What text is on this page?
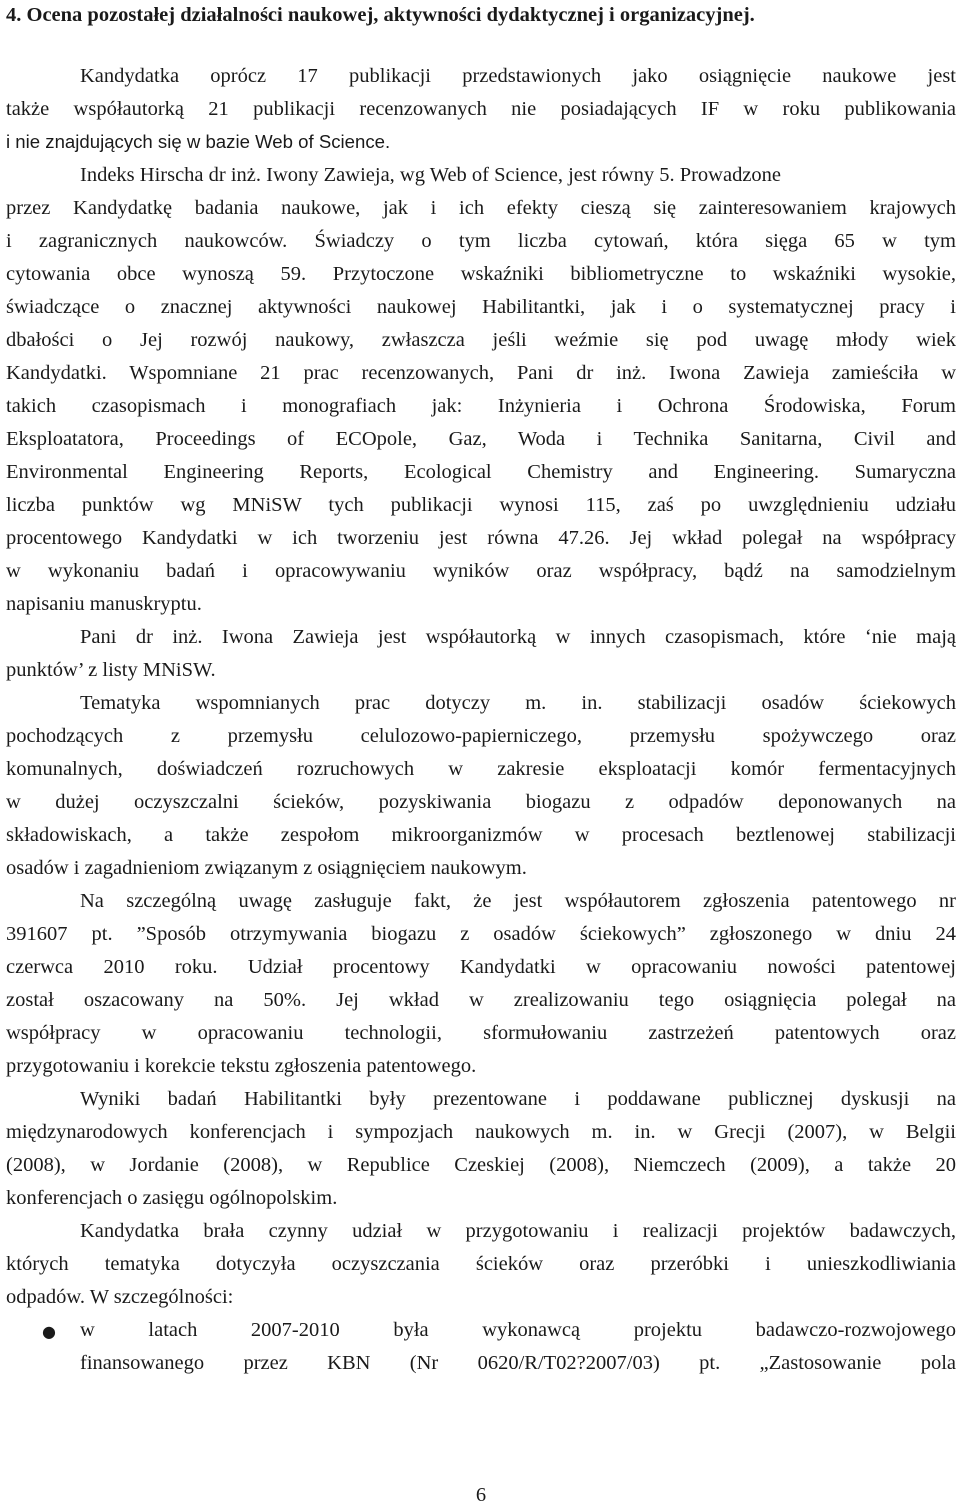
4. Ocena pozostałej działalności naukowej, aktywności dydaktycznej i organizacyjnej.
Kandydatka oprócz 17 publikacji przedstawionych jako osiągnięcie naukowe jest
także współautorką 21 publikacji recenzowanych nie posiadających IF w roku publikowania
i nie znajdujących się w bazie Web of Science.
Indeks Hirscha dr inż. Iwony Zawieja, wg Web of Science, jest równy 5. Prowadzone
przez Kandydatkę badania naukowe, jak i ich efekty cieszą się zainteresowaniem krajowych
i zagranicznych naukowców. Świadczy o tym liczba cytowań, która sięga 65 w tym
cytowania obce wynoszą 59. Przytoczone wskaźniki bibliometryczne to wskaźniki wysokie,
świadczące o znacznej aktywności naukowej Habilitantki, jak i o systematycznej pracy i
dbałości o Jej rozwój naukowy, zwłaszcza jeśli weźmie się pod uwagę młody wiek
Kandydatki. Wspomniane 21 prac recenzowanych, Pani dr inż. Iwona Zawieja zamieściła w
takich czasopismach i monografiach jak: Inżynieria i Ochrona Środowiska, Forum
Eksploatatora, Proceedings of ECOpole, Gaz, Woda i Technika Sanitarna, Civil and
Environmental Engineering Reports, Ecological Chemistry and Engineering. Sumaryczna
liczba punktów wg MNiSW tych publikacji wynosi 115, zaś po uwzględnieniu udziału
procentowego Kandydatki w ich tworzeniu jest równa 47.26. Jej wkład polegał na współpracy
w wykonaniu badań i opracowywaniu wyników oraz współpracy, bądź na samodzielnym
napisaniu manuskryptu.
Pani dr inż. Iwona Zawieja jest współautorką w innych czasopismach, które ‘nie mają
punktów’ z listy MNiSW.
Tematyka wspomnianych prac dotyczy m. in. stabilizacji osadów ściekowych
pochodzących z przemysłu celulozowo-papierniczego, przemysłu spożywczego oraz
komunalnych, doświadczeń rozruchowych w zakresie eksploatacji komór fermentacyjnych
w dużej oczyszczalni ścieków, pozyskiwania biogazu z odpadów deponowanych na
składowiskach, a także zespołom mikroorganizmów w procesach beztlenowej stabilizacji
osadów i zagadnieniom związanym z osiągnięciem naukowym.
Na szczególną uwagę zasługuje fakt, że jest współautorem zgłoszenia patentowego nr
391607 pt. ”Sposób otrzymywania biogazu z osadów ściekowych” zgłoszonego w dniu 24
czerwca 2010 roku. Udział procentowy Kandydatki w opracowaniu nowości patentowej
został oszacowany na 50%. Jej wkład w zrealizowaniu tego osiągnięcia polegał na
współpracy w opracowaniu technologii, sformułowaniu zastrzeżeń patentowych oraz
przygotowaniu i korekcie tekstu zgłoszenia patentowego.
Wyniki badań Habilitantki były prezentowane i poddawane publicznej dyskusji na
międzynarodowych konferencjach i sympozjach naukowych m. in. w Grecji (2007), w Belgii
(2008), w Jordanie (2008), w Republice Czeskiej (2008), Niemczech (2009), a także 20
konferencjach o zasięgu ogólnopolskim.
Kandydatka brała czynny udział w przygotowaniu i realizacji projektów badawczych,
których tematyka dotyczyła oczyszczania ścieków oraz przeróbki i unieszkodliwiania
odpadów. W szczególności:
● w latach 2007-2010 była wykonawcą projektu badawczo-rozwojowego
finansowanego przez KBN (Nr 0620/R/T02?2007/03) pt. „Zastosowanie pola
6
